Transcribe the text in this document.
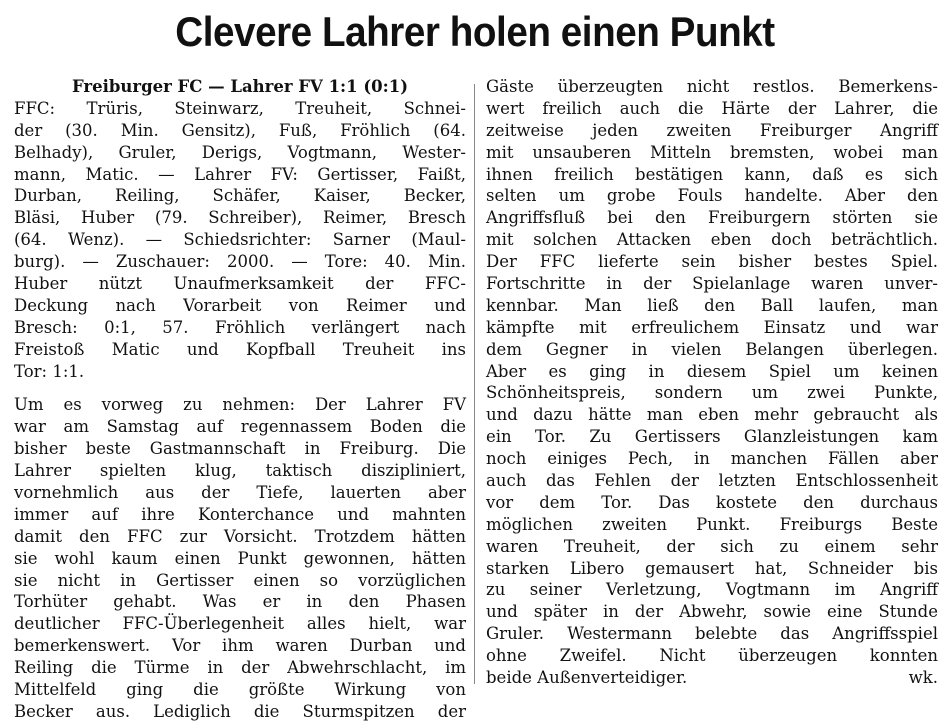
Clevere Lahrer holen einen Punkt
Freiburger FC — Lahrer FV 1:1 (0:1)
FFC: Trüris, Steinwarz, Treuheit, Schnei-
der (30. Min. Gensitz), Fuß, Fröhlich (64.
Belhady), Gruler, Derigs, Vogtmann, Wester-
mann, Matic. — Lahrer FV: Gertisser, Faißt,
Durban, Reiling, Schäfer, Kaiser, Becker,
Bläsi, Huber (79. Schreiber), Reimer, Bresch
(64. Wenz). — Schiedsrichter: Sarner (Maul-
burg). — Zuschauer: 2000. — Tore: 40. Min.
Huber nützt Unaufmerksamkeit der FFC-
Deckung nach Vorarbeit von Reimer und
Bresch: 0:1, 57. Fröhlich verlängert nach
Freistoß Matic und Kopfball Treuheit ins
Tor: 1:1.
Um es vorweg zu nehmen: Der Lahrer FV
war am Samstag auf regennassem Boden die
bisher beste Gastmannschaft in Freiburg. Die
Lahrer spielten klug, taktisch diszipliniert,
vornehmlich aus der Tiefe, lauerten aber
immer auf ihre Konterchance und mahnten
damit den FFC zur Vorsicht. Trotzdem hätten
sie wohl kaum einen Punkt gewonnen, hätten
sie nicht in Gertisser einen so vorzüglichen
Torhüter gehabt. Was er in den Phasen
deutlicher FFC-Überlegenheit alles hielt, war
bemerkenswert. Vor ihm waren Durban und
Reiling die Türme in der Abwehrschlacht, im
Mittelfeld ging die größte Wirkung von
Becker aus. Lediglich die Sturmspitzen der
Gäste überzeugten nicht restlos. Bemerkens-
wert freilich auch die Härte der Lahrer, die
zeitweise jeden zweiten Freiburger Angriff
mit unsauberen Mitteln bremsten, wobei man
ihnen freilich bestätigen kann, daß es sich
selten um grobe Fouls handelte. Aber den
Angriffsfluß bei den Freiburgern störten sie
mit solchen Attacken eben doch beträchtlich.
Der FFC lieferte sein bisher bestes Spiel.
Fortschritte in der Spielanlage waren unver-
kennbar. Man ließ den Ball laufen, man
kämpfte mit erfreulichem Einsatz und war
dem Gegner in vielen Belangen überlegen.
Aber es ging in diesem Spiel um keinen
Schönheitspreis, sondern um zwei Punkte,
und dazu hätte man eben mehr gebraucht als
ein Tor. Zu Gertissers Glanzleistungen kam
noch einiges Pech, in manchen Fällen aber
auch das Fehlen der letzten Entschlossenheit
vor dem Tor. Das kostete den durchaus
möglichen zweiten Punkt. Freiburgs Beste
waren Treuheit, der sich zu einem sehr
starken Libero gemausert hat, Schneider bis
zu seiner Verletzung, Vogtmann im Angriff
und später in der Abwehr, sowie eine Stunde
Gruler. Westermann belebte das Angriffsspiel
ohne Zweifel. Nicht überzeugen konnten
beide Außenverteidiger.	wk.
